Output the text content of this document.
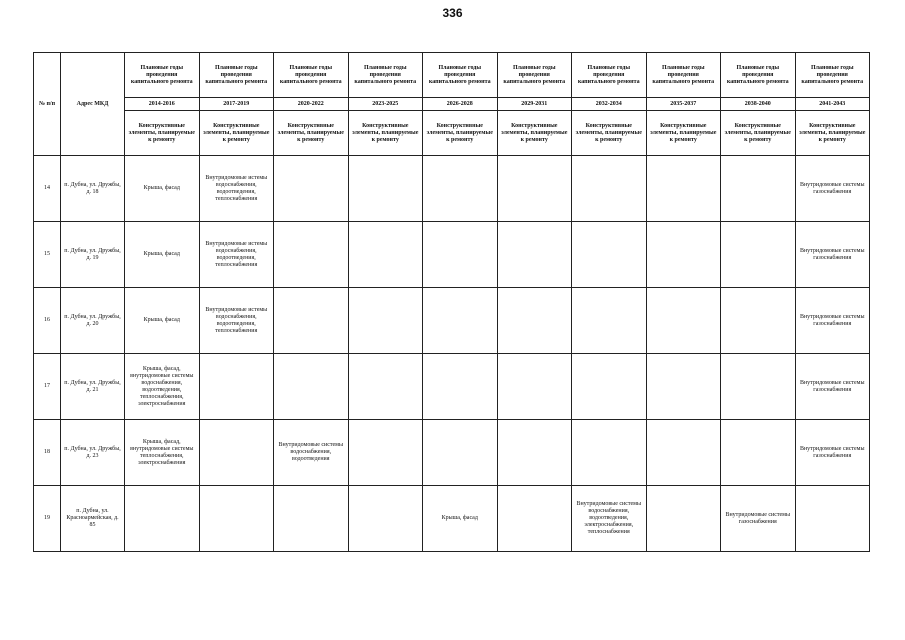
336
№ п/п	Адрес МКД	Плановые годы проведения капитального ремонта	Плановые годы проведения капитального ремонта	Плановые годы проведения капитального ремонта	Плановые годы проведения капитального ремонта	Плановые годы проведения капитального ремонта	Плановые годы проведения капитального ремонта	Плановые годы проведения капитального ремонта	Плановые годы проведения капитального ремонта	Плановые годы проведения капитального ремонта	Плановые годы проведения капитального ремонта
		2014-2016	2017-2019	2020-2022	2023-2025	2026-2028	2029-2031	2032-2034	2035-2037	2038-2040	2041-2043
		Конструктивные элементы, планируемые к ремонту	Конструктивные элементы, планируемые к ремонту	Конструктивные элементы, планируемые к ремонту	Конструктивные элементы, планируемые к ремонту	Конструктивные элементы, планируемые к ремонту	Конструктивные элементы, планируемые к ремонту	Конструктивные элементы, планируемые к ремонту	Конструктивные элементы, планируемые к ремонту	Конструктивные элементы, планируемые к ремонту	Конструктивные элементы, планируемые к ремонту
14	п. Дубна, ул. Дружбы, д. 18	Крыша, фасад	Внутридомовые истемы водоснабжения, водоотведения, теплоснабжения								Внутридомовые системы газоснабжения
15	п. Дубна, ул. Дружбы, д. 19	Крыша, фасад	Внутридомовые истемы водоснабжения, водоотведения, теплоснабжения								Внутридомовые системы газоснабжения
16	п. Дубна, ул. Дружбы, д. 20	Крыша, фасад	Внутридомовые истемы водоснабжения, водоотведения, теплоснабжения								Внутридомовые системы газоснабжения
17	п. Дубна, ул. Дружбы, д. 21	Крыша, фасад, внутридомовые системы водоснабжения, водоотведения, теплоснабжения, электроснабжения									Внутридомовые системы газоснабжения
18	п. Дубна, ул. Дружбы, д. 23	Крыша, фасад, внутридомовые системы теплоснабжения, электроснабжения		Внутридомовые системы водоснабжения, водоотведения							Внутридомовые системы газоснабжения
19	п. Дубна, ул. Красноармейская, д. 85					Крыша, фасад		Внутридомовые системы водоснабжения, водоотведения, электроснабжения, теплоснабжения		Внутридомовые системы газоснабжения	
